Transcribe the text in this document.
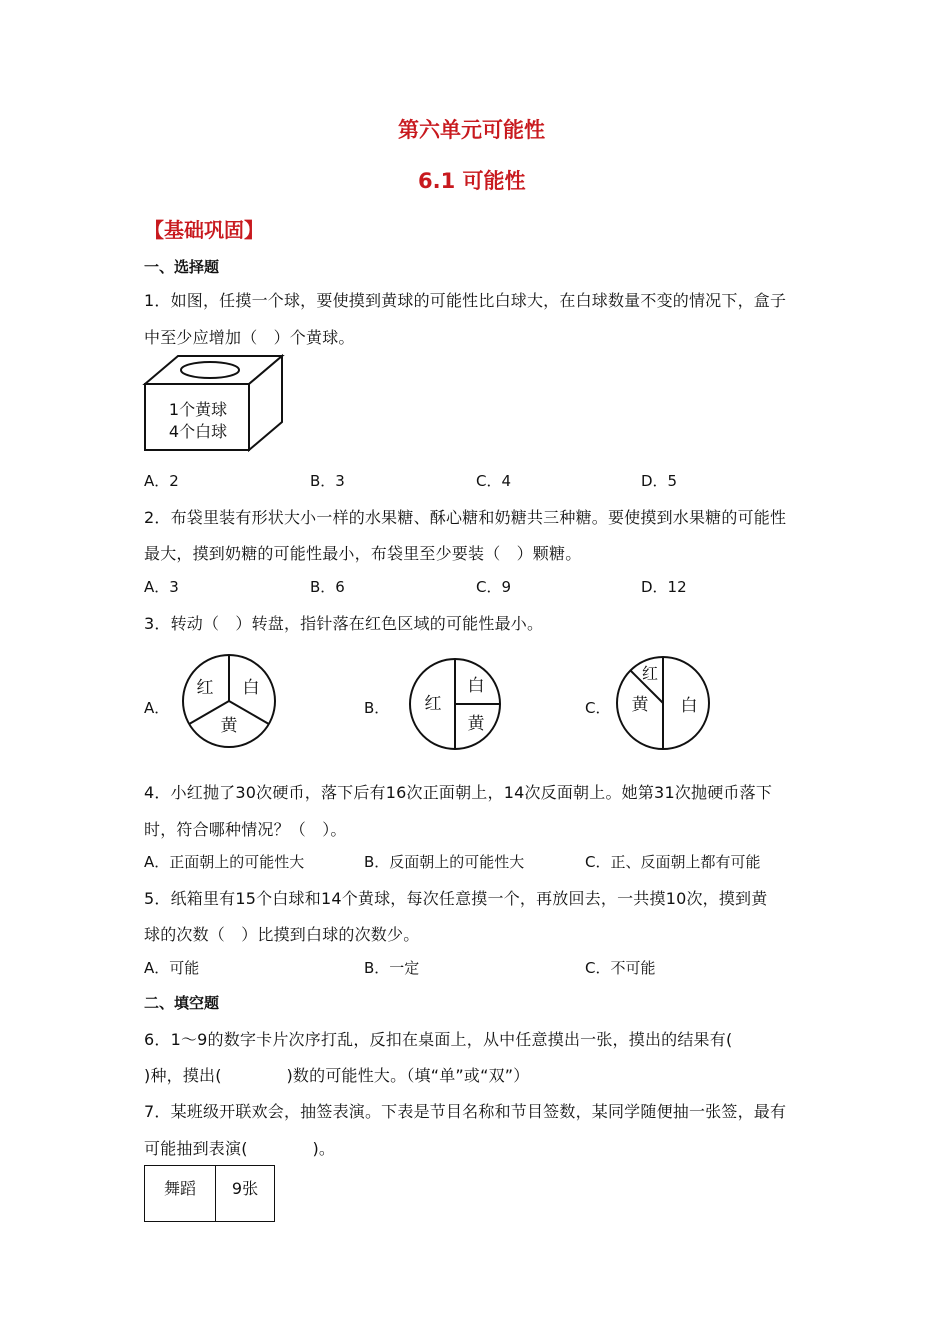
第六单元可能性
6.1 可能性
【基础巩固】
一、选择题
1．如图，任摸一个球，要使摸到黄球的可能性比白球大，在白球数量不变的情况下，盒子
中至少应增加（　）个黄球。
1个黄球
4个白球
A．2	B．3	C．4	D．5
2．布袋里装有形状大小一样的水果糖、酥心糖和奶糖共三种糖。要使摸到水果糖的可能性
最大，摸到奶糖的可能性最小，布袋里至少要装（　）颗糖。
A．3	B．6	C．9	D．12
3．转动（　）转盘，指针落在红色区域的可能性最小。
A．
红 白
黄
B． 红
白
黄
C．
红
黄 白
4．小红抛了30次硬币，落下后有16次正面朝上，14次反面朝上。她第31次抛硬币落下
时，符合哪种情况？（　）。
A．正面朝上的可能性大	B．反面朝上的可能性大	C．正、反面朝上都有可能
5．纸箱里有15个白球和14个黄球，每次任意摸一个，再放回去，一共摸10次，摸到黄
球的次数（　）比摸到白球的次数少。
A．可能	B．一定	C．不可能
二、填空题
6．1～9的数字卡片次序打乱，反扣在桌面上，从中任意摸出一张，摸出的结果有(
)种，摸出(　　　　)数的可能性大。（填“单”或“双”）
7．某班级开联欢会，抽签表演。下表是节目名称和节目签数，某同学随便抽一张签，最有
可能抽到表演(　　　　)。
舞蹈	9张
